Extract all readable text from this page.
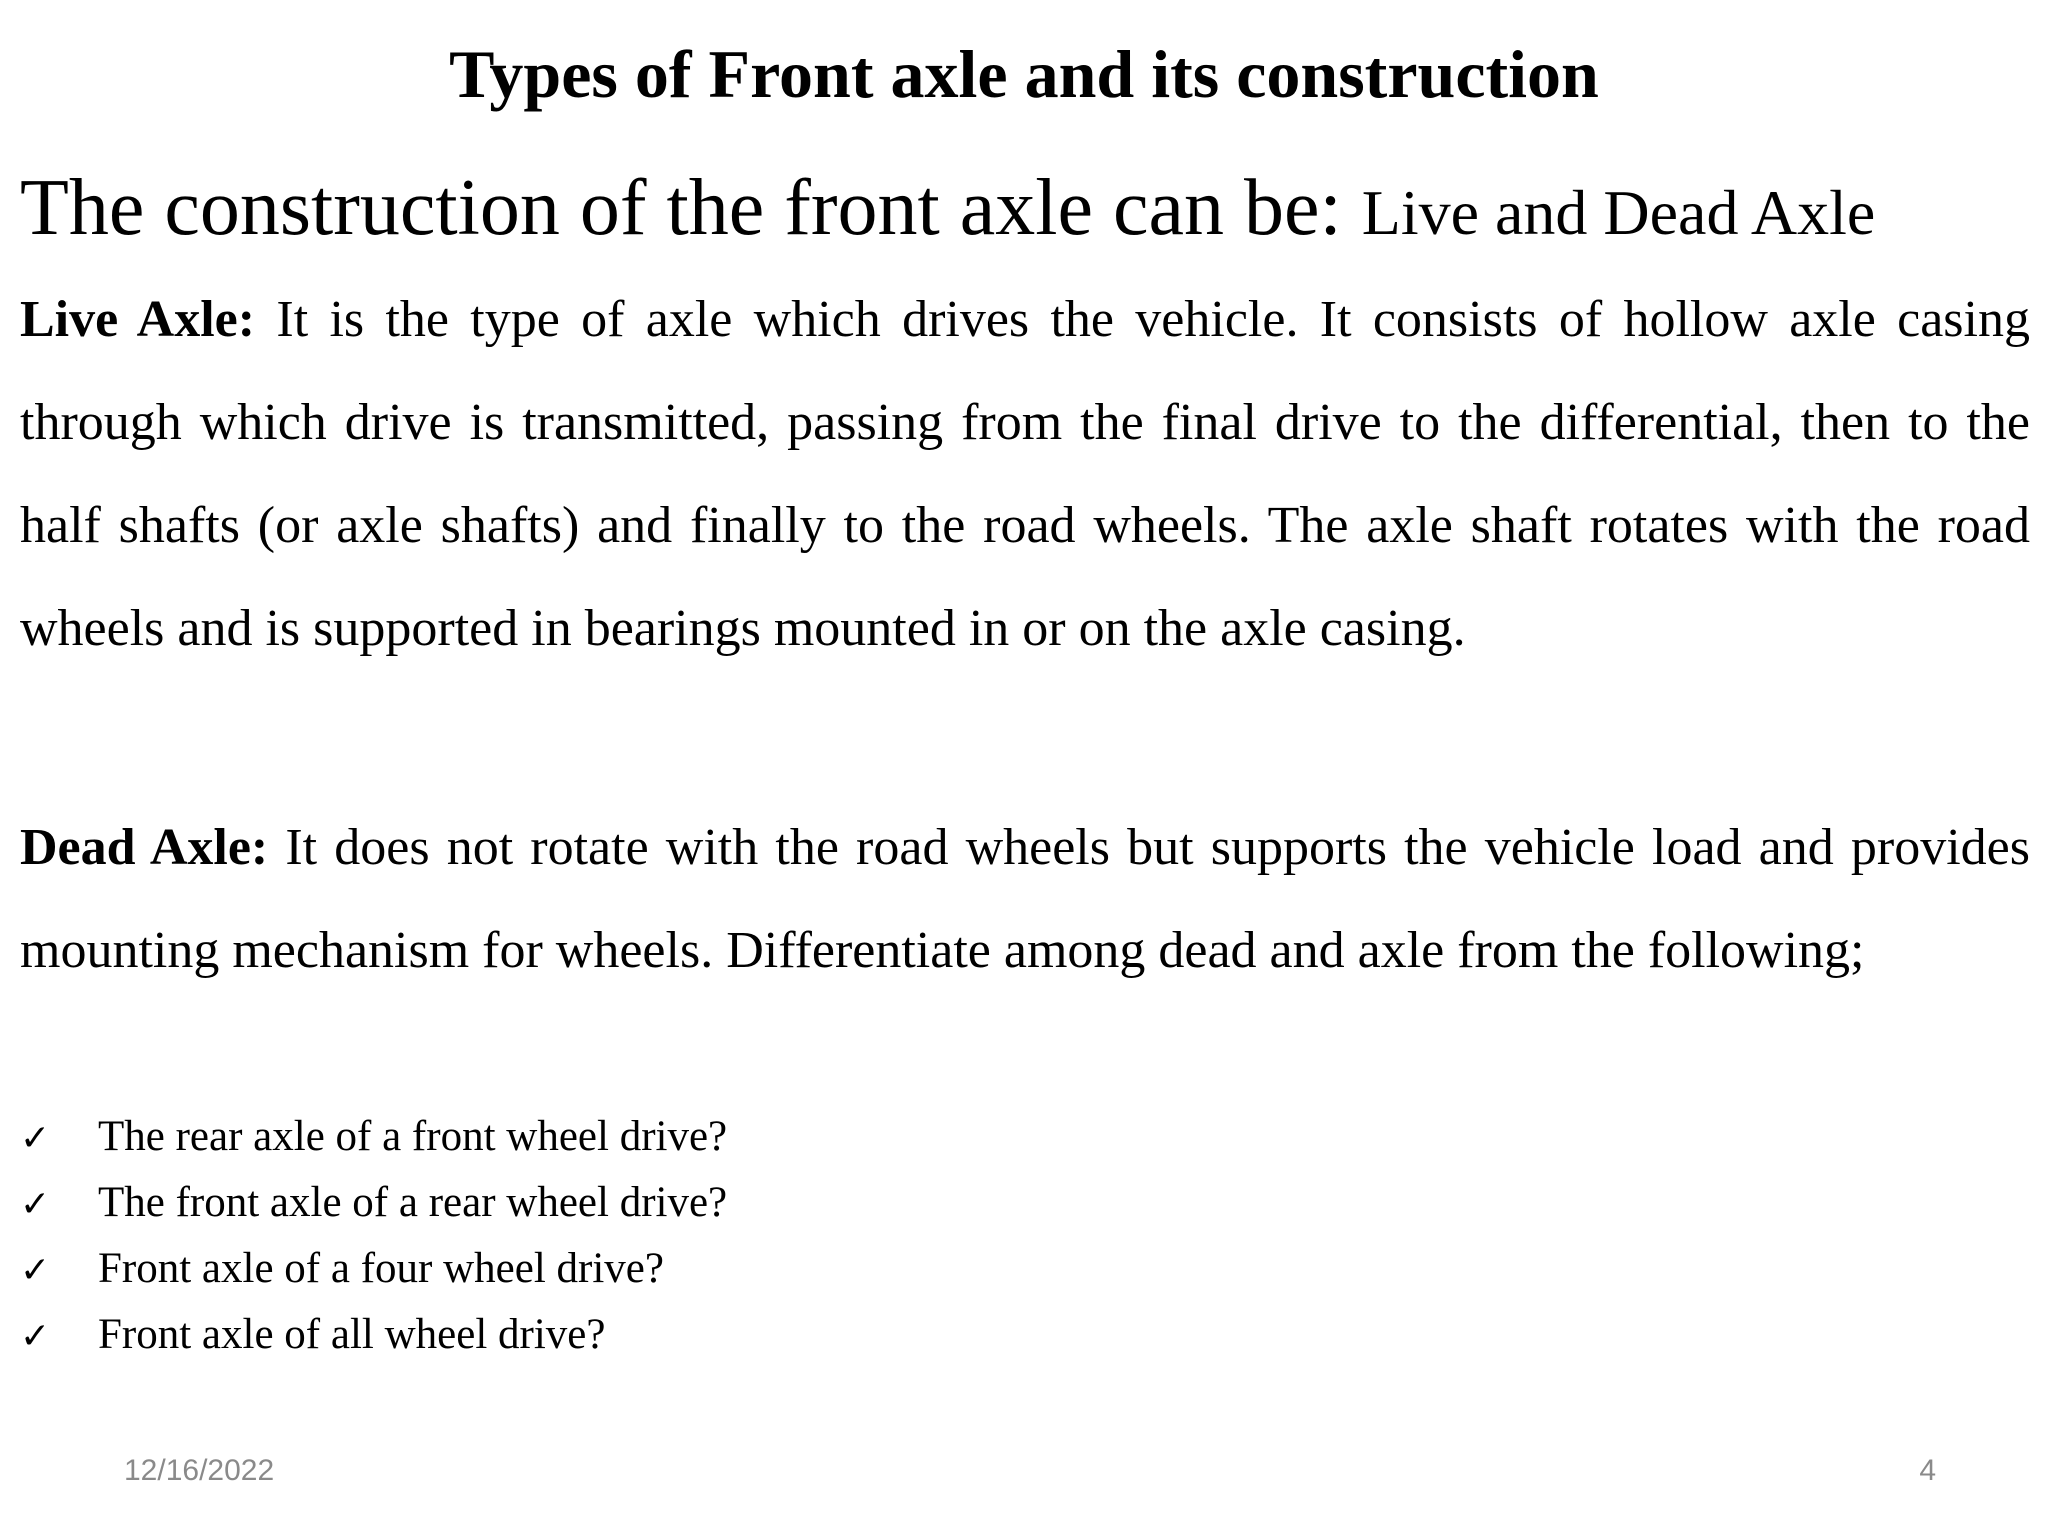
Types of Front axle and its construction

The construction of the front axle can be: Live and Dead Axle

Live Axle: It is the type of axle which drives the vehicle. It consists of hollow axle casing through which drive is transmitted, passing from the final drive to the differential, then to the half shafts (or axle shafts) and finally to the road wheels. The axle shaft rotates with the road wheels and is supported in bearings mounted in or on the axle casing.

Dead Axle: It does not rotate with the road wheels but supports the vehicle load and provides mounting mechanism for wheels. Differentiate among dead and axle from the following;

✓	The rear axle of a front wheel drive?
✓	The front axle of a rear wheel drive?
✓	Front axle of a four wheel drive?
✓	Front axle of all wheel drive?

12/16/2022	4
